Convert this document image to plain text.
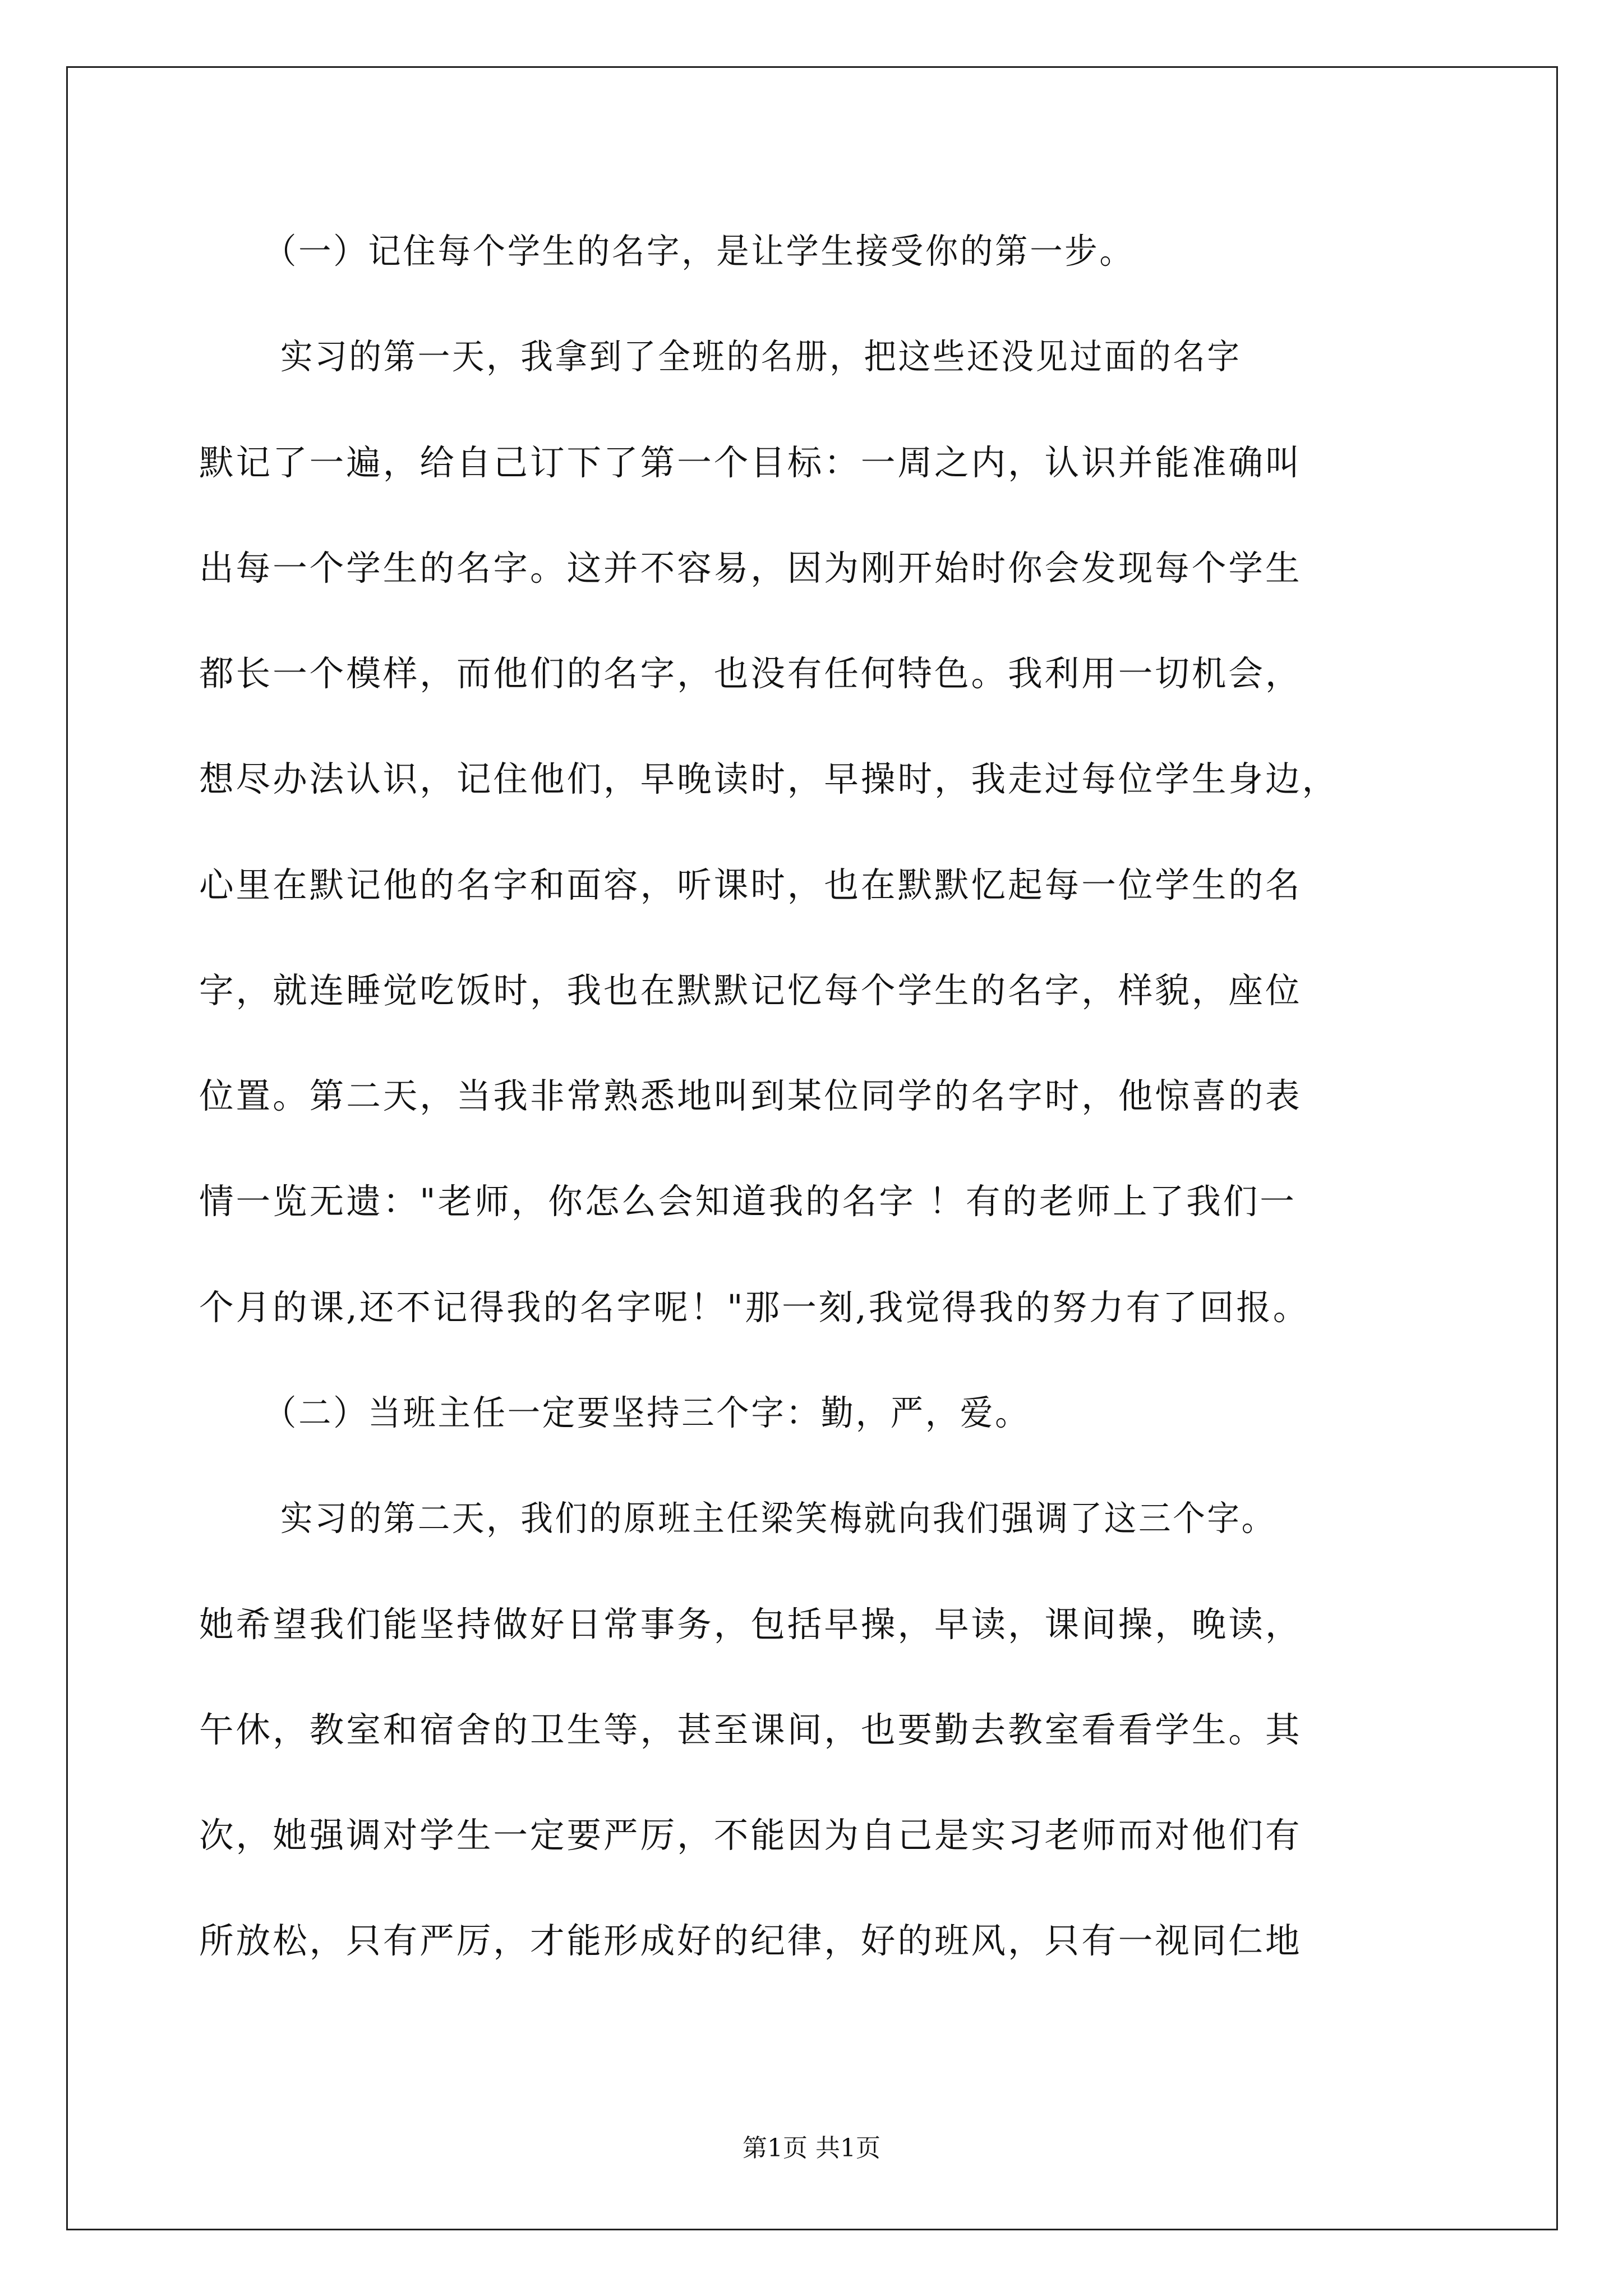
（一）记住每个学生的名字，是让学生接受你的第一步。
实习的第一天，我拿到了全班的名册，把这些还没见过面的名字
默记了一遍，给自己订下了第一个目标：一周之内，认识并能准确叫
出每一个学生的名字。这并不容易，因为刚开始时你会发现每个学生
都长一个模样，而他们的名字，也没有任何特色。我利用一切机会，
想尽办法认识，记住他们，早晚读时，早操时，我走过每位学生身边，
心里在默记他的名字和面容，听课时，也在默默忆起每一位学生的名
字，就连睡觉吃饭时，我也在默默记忆每个学生的名字，样貌，座位
位置。第二天，当我非常熟悉地叫到某位同学的名字时，他惊喜的表
情一览无遗："老师，你怎么会知道我的名字 ！有的老师上了我们一
个月的课,还不记得我的名字呢！"那一刻,我觉得我的努力有了回报。
（二）当班主任一定要坚持三个字：勤，严，爱。
实习的第二天，我们的原班主任梁笑梅就向我们强调了这三个字。
她希望我们能坚持做好日常事务，包括早操，早读，课间操，晚读，
午休，教室和宿舍的卫生等，甚至课间，也要勤去教室看看学生。其
次，她强调对学生一定要严厉，不能因为自己是实习老师而对他们有
所放松，只有严厉，才能形成好的纪律，好的班风，只有一视同仁地
第1页 共1页
